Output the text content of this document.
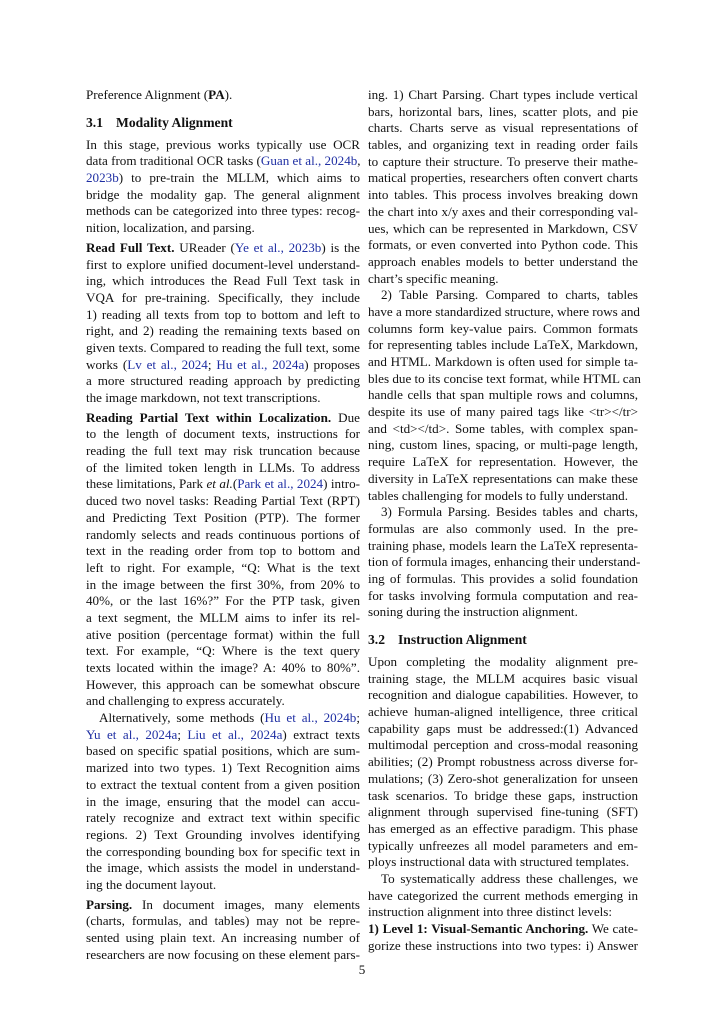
Preference Alignment (PA).
3.1 Modality Alignment
In this stage, previous works typically use OCR
data from traditional OCR tasks (Guan et al., 2024b,
2023b) to pre-train the MLLM, which aims to
bridge the modality gap. The general alignment
methods can be categorized into three types: recog-
nition, localization, and parsing.
Read Full Text. UReader (Ye et al., 2023b) is the
first to explore unified document-level understand-
ing, which introduces the Read Full Text task in
VQA for pre-training. Specifically, they include
1) reading all texts from top to bottom and left to
right, and 2) reading the remaining texts based on
given texts. Compared to reading the full text, some
works (Lv et al., 2024; Hu et al., 2024a) proposes
a more structured reading approach by predicting
the image markdown, not text transcriptions.
Reading Partial Text within Localization. Due
to the length of document texts, instructions for
reading the full text may risk truncation because
of the limited token length in LLMs. To address
these limitations, Park et al.(Park et al., 2024) intro-
duced two novel tasks: Reading Partial Text (RPT)
and Predicting Text Position (PTP). The former
randomly selects and reads continuous portions of
text in the reading order from top to bottom and
left to right. For example, “Q: What is the text
in the image between the first 30%, from 20% to
40%, or the last 16%?” For the PTP task, given
a text segment, the MLLM aims to infer its rel-
ative position (percentage format) within the full
text. For example, “Q: Where is the text query
texts located within the image? A: 40% to 80%”.
However, this approach can be somewhat obscure
and challenging to express accurately.
Alternatively, some methods (Hu et al., 2024b;
Yu et al., 2024a; Liu et al., 2024a) extract texts
based on specific spatial positions, which are sum-
marized into two types. 1) Text Recognition aims
to extract the textual content from a given position
in the image, ensuring that the model can accu-
rately recognize and extract text within specific
regions. 2) Text Grounding involves identifying
the corresponding bounding box for specific text in
the image, which assists the model in understand-
ing the document layout.
Parsing. In document images, many elements
(charts, formulas, and tables) may not be repre-
sented using plain text. An increasing number of
researchers are now focusing on these element pars-
ing. 1) Chart Parsing. Chart types include vertical
bars, horizontal bars, lines, scatter plots, and pie
charts. Charts serve as visual representations of
tables, and organizing text in reading order fails
to capture their structure. To preserve their mathe-
matical properties, researchers often convert charts
into tables. This process involves breaking down
the chart into x/y axes and their corresponding val-
ues, which can be represented in Markdown, CSV
formats, or even converted into Python code. This
approach enables models to better understand the
chart’s specific meaning.
2) Table Parsing. Compared to charts, tables
have a more standardized structure, where rows and
columns form key-value pairs. Common formats
for representing tables include LaTeX, Markdown,
and HTML. Markdown is often used for simple ta-
bles due to its concise text format, while HTML can
handle cells that span multiple rows and columns,
despite its use of many paired tags like <tr></tr>
and <td></td>. Some tables, with complex span-
ning, custom lines, spacing, or multi-page length,
require LaTeX for representation. However, the
diversity in LaTeX representations can make these
tables challenging for models to fully understand.
3) Formula Parsing. Besides tables and charts,
formulas are also commonly used. In the pre-
training phase, models learn the LaTeX representa-
tion of formula images, enhancing their understand-
ing of formulas. This provides a solid foundation
for tasks involving formula computation and rea-
soning during the instruction alignment.
3.2 Instruction Alignment
Upon completing the modality alignment pre-
training stage, the MLLM acquires basic visual
recognition and dialogue capabilities. However, to
achieve human-aligned intelligence, three critical
capability gaps must be addressed:(1) Advanced
multimodal perception and cross-modal reasoning
abilities; (2) Prompt robustness across diverse for-
mulations; (3) Zero-shot generalization for unseen
task scenarios. To bridge these gaps, instruction
alignment through supervised fine-tuning (SFT)
has emerged as an effective paradigm. This phase
typically unfreezes all model parameters and em-
ploys instructional data with structured templates.
To systematically address these challenges, we
have categorized the current methods emerging in
instruction alignment into three distinct levels:
1) Level 1: Visual-Semantic Anchoring. We cate-
gorize these instructions into two types: i) Answer
5
